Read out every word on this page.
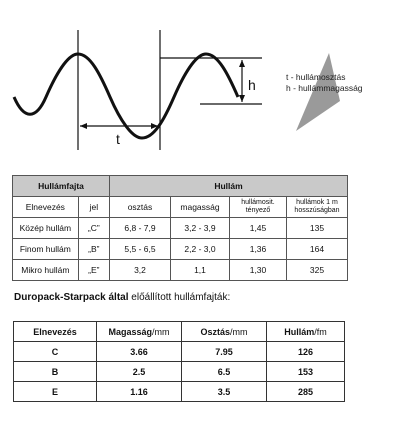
h
t
t - hullámosztás
h - hullámmagasság
Hullámfajta		Hullám			
Elnevezés	jel	osztás	magasság	hullámosit. tényező	hullámok 1 m hosszúságban
Közép hullám	„C”	6,8 - 7,9	3,2 - 3,9	1,45	135
Finom hullám	„B”	5,5 - 6,5	2,2 - 3,0	1,36	164
Mikro hullám	„E”	3,2	1,1	1,30	325
Duropack-Starpack által előállított hullámfajták:
Elnevezés	Magasság/mm	Osztás/mm	Hullám/fm
C	3.66	7.95	126
B	2.5	6.5	153
E	1.16	3.5	285
